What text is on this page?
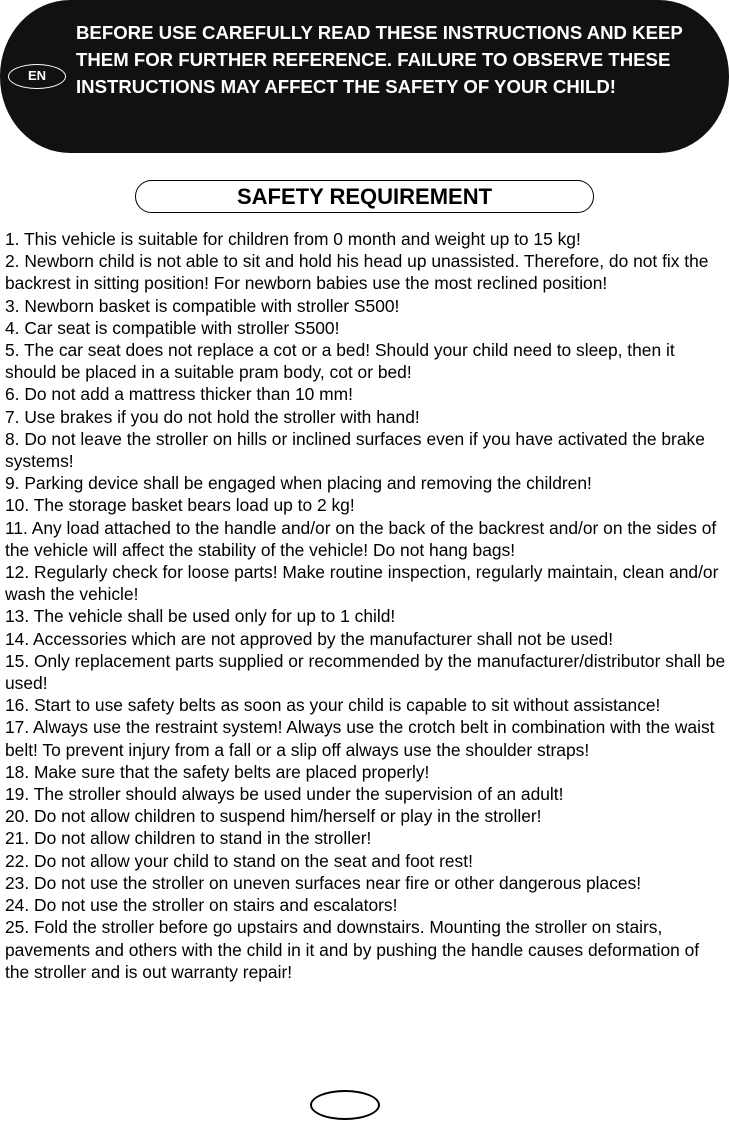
EN

BEFORE USE CAREFULLY READ THESE INSTRUCTIONS AND KEEP THEM FOR FURTHER REFERENCE. FAILURE TO OBSERVE THESE INSTRUCTIONS MAY AFFECT THE SAFETY OF YOUR CHILD!

SAFETY REQUIREMENT
1. This vehicle is suitable for children from 0 month and weight up to 15 kg!
2. Newborn child is not able to sit and hold his head up unassisted. Therefore, do not fix the backrest in sitting position! For newborn babies use the most reclined position!
3. Newborn basket is compatible with stroller S500!
4. Car seat is compatible with stroller S500!
5. The car seat does not replace a cot or a bed! Should your child need to sleep, then it should be placed in a suitable pram body, cot or bed!
6. Do not add a mattress thicker than 10 mm!
7. Use brakes if you do not hold the stroller with hand!
8. Do not leave the stroller on hills or inclined surfaces even if you have activated the brake systems!
9. Parking device shall be engaged when placing and removing the children!
10. The storage basket bears load up to 2 kg!
11. Any load attached to the handle and/or on the back of the backrest and/or on the sides of the vehicle will affect the stability of the vehicle! Do not hang bags!
12. Regularly check for loose parts! Make routine inspection, regularly maintain, clean and/or wash the vehicle!
13. The vehicle shall be used only for up to 1 child!
14. Accessories which are not approved by the manufacturer shall not be used!
15. Only replacement parts supplied or recommended by the manufacturer/distributor shall be used!
16. Start to use safety belts as soon as your child is capable to sit without assistance!
17. Always use the restraint system! Always use the crotch belt in combination with the waist belt! To prevent injury from a fall or a slip off always use the shoulder straps!
18. Make sure that the safety belts are placed properly!
19. The stroller should always be used under the supervision of an adult!
20. Do not allow children to suspend him/herself or play in the stroller!
21. Do not allow children to stand in the stroller!
22. Do not allow your child to stand on the seat and foot rest!
23. Do not use the stroller on uneven surfaces near fire or other dangerous places!
24. Do not use the stroller on stairs and escalators!
25. Fold the stroller before go upstairs and downstairs. Mounting the stroller on stairs, pavements and others with the child in it and by pushing the handle causes deformation of the stroller and is out warranty repair!
